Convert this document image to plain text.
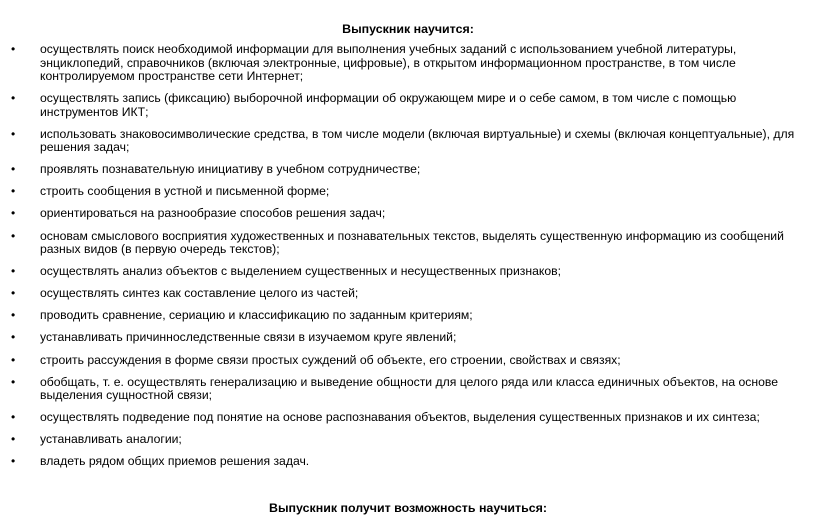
Выпускник научится:
• осуществлять поиск необходимой информации для выполнения учебных заданий с использованием учебной литературы, энциклопедий, справочников (включая электронные, цифровые), в открытом информационном пространстве, в том числе контролируемом пространстве сети Интернет;
• осуществлять запись (фиксацию) выборочной информации об окружающем мире и о себе самом, в том числе с помощью инструментов ИКТ;
• использовать знаковосимволические средства, в том числе модели (включая виртуальные) и схемы (включая концептуальные), для решения задач;
• проявлять познавательную инициативу в учебном сотрудничестве;
• строить сообщения в устной и письменной форме;
• ориентироваться на разнообразие способов решения задач;
• основам смыслового восприятия художественных и познавательных текстов, выделять существенную информацию из сообщений разных видов (в первую очередь текстов);
• осуществлять анализ объектов с выделением существенных и несущественных признаков;
• осуществлять синтез как составление целого из частей;
• проводить сравнение, сериацию и классификацию по заданным критериям;
• устанавливать причинноследственные связи в изучаемом круге явлений;
• строить рассуждения в форме связи простых суждений об объекте, его строении, свойствах и связях;
• обобщать, т. е. осуществлять генерализацию и выведение общности для целого ряда или класса единичных объектов, на основе выделения сущностной связи;
• осуществлять подведение под понятие на основе распознавания объектов, выделения существенных признаков и их синтеза;
• устанавливать аналогии;
• владеть рядом общих приемов решения задач.
Выпускник получит возможность научиться:
